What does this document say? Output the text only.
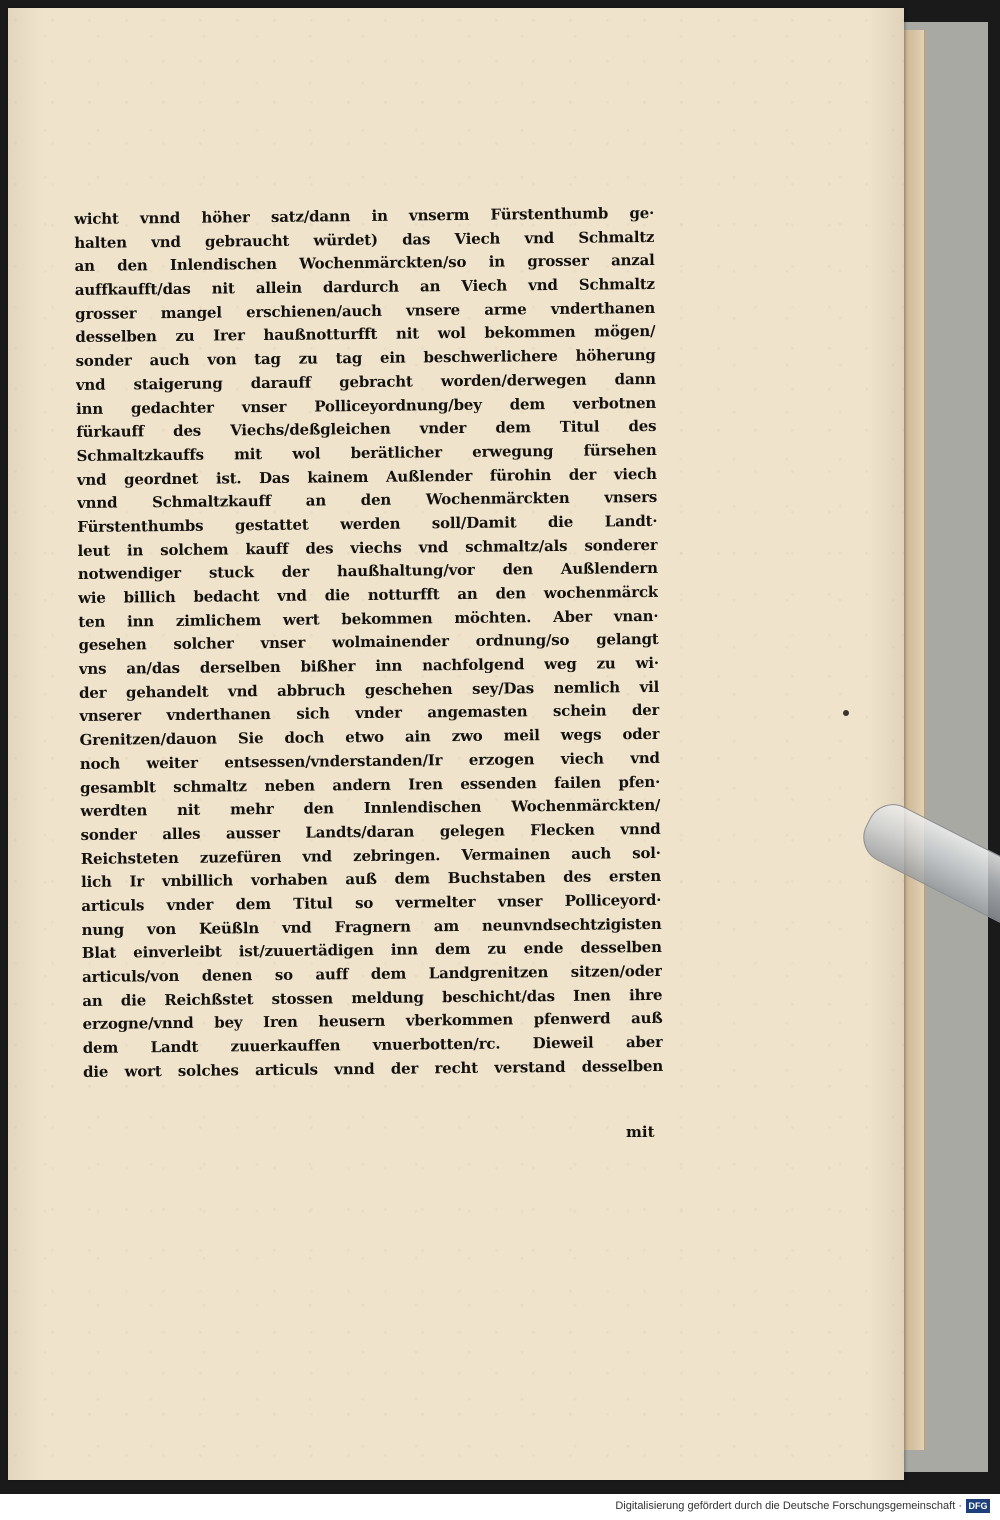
wicht vnnd höher satz/dann in vnserm Fürstenthumb ge·
halten vnd gebraucht würdet) das Viech vnd Schmaltz
an den Inlendischen Wochenmärckten/so in grosser anzal
auffkaufft/das nit allein dardurch an Viech vnd Schmaltz
grosser mangel erschienen/auch vnsere arme vnderthanen
desselben zu Irer haußnotturfft nit wol bekommen mögen/
sonder auch von tag zu tag ein beschwerlichere höherung
vnd staigerung darauff gebracht worden/derwegen dann
inn gedachter vnser Polliceyordnung/bey dem verbotnen
fürkauff des Viechs/deßgleichen vnder dem Titul des
Schmaltzkauffs mit wol berätlicher erwegung fürsehen
vnd geordnet ist. Das kainem Außlender fürohin der viech
vnnd Schmaltzkauff an den Wochenmärckten vnsers
Fürstenthumbs gestattet werden soll/Damit die Landt·
leut in solchem kauff des viechs vnd schmaltz/als sonderer
notwendiger stuck der haußhaltung/vor den Außlendern
wie billich bedacht vnd die notturfft an den wochenmärck
ten inn zimlichem wert bekommen möchten. Aber vnan·
gesehen solcher vnser wolmainender ordnung/so gelangt
vns an/das derselben bißher inn nachfolgend weg zu wi·
der gehandelt vnd abbruch geschehen sey/Das nemlich vil
vnserer vnderthanen sich vnder angemasten schein der
Grenitzen/dauon Sie doch etwo ain zwo meil wegs oder
noch weiter entsessen/vnderstanden/Ir erzogen viech vnd
gesamblt schmaltz neben andern Iren essenden failen pfen·
werdten nit mehr den Innlendischen Wochenmärckten/
sonder alles ausser Landts/daran gelegen Flecken vnnd
Reichsteten zuzefüren vnd zebringen. Vermainen auch sol·
lich Ir vnbillich vorhaben auß dem Buchstaben des ersten
articuls vnder dem Titul so vermelter vnser Polliceyord·
nung von Keüßln vnd Fragnern am neunvndsechtzigisten
Blat einverleibt ist/zuuertädigen inn dem zu ende desselben
articuls/von denen so auff dem Landgrenitzen sitzen/oder
an die Reichßstet stossen meldung beschicht/das Inen ihre
erzogne/vnnd bey Iren heusern vberkommen pfenwerd auß
dem Landt zuuerkauffen vnuerbotten/rc. Dieweil aber
die wort solches articuls vnnd der recht verstand desselben
mit
Digitalisierung gefördert durch die Deutsche Forschungsgemeinschaft · DFG
